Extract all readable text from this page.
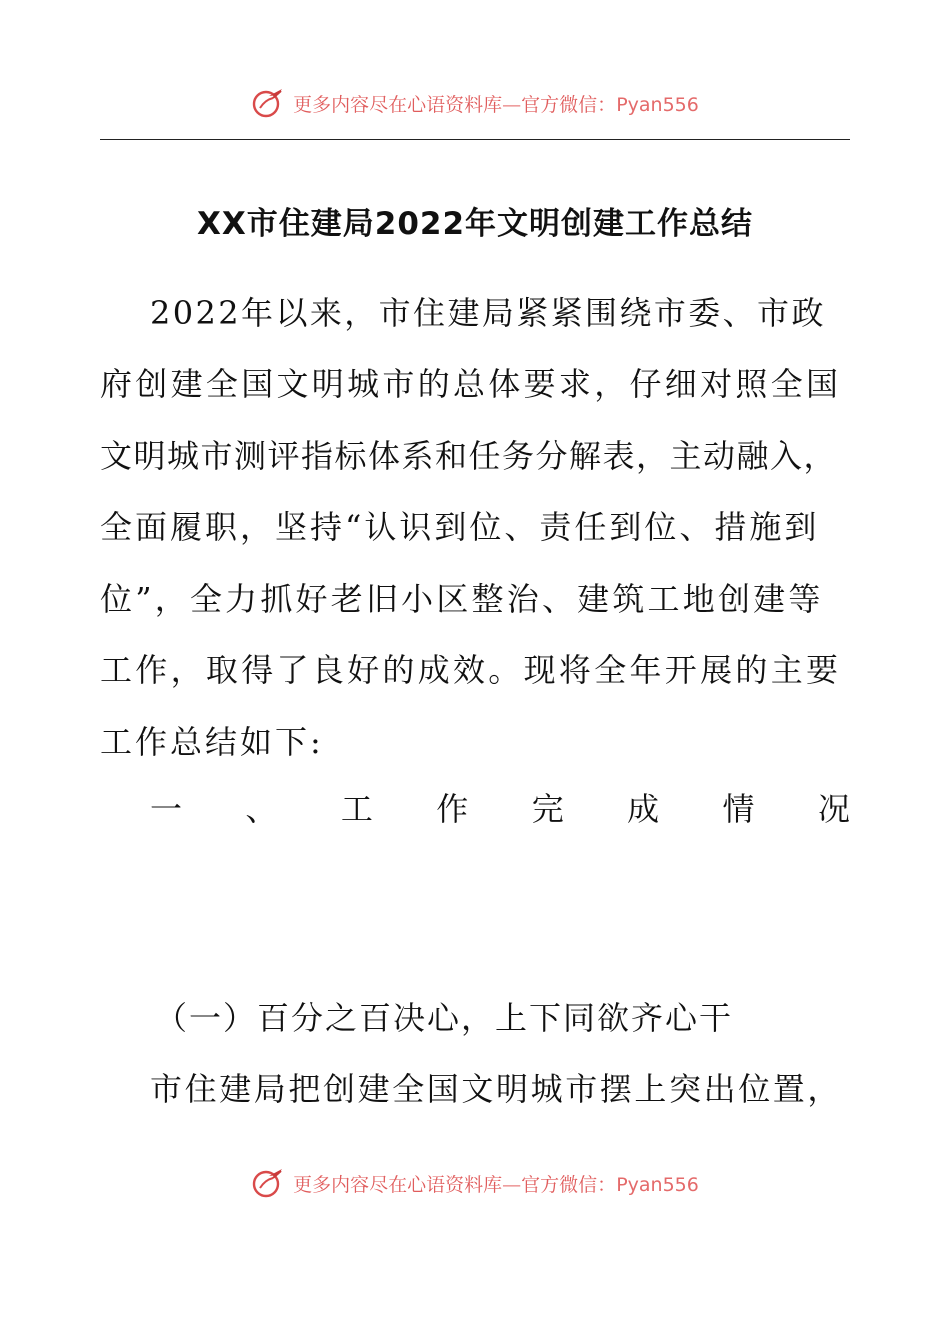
更多内容尽在心语资料库—官方微信：Pyan556
XX市住建局2022年文明创建工作总结
2022年以来，市住建局紧紧围绕市委、市政
府创建全国文明城市的总体要求，仔细对照全国
文明城市测评指标体系和任务分解表，主动融入，
全面履职，坚持“认识到位、责任到位、措施到
位”，全力抓好老旧小区整治、建筑工地创建等
工作，取得了良好的成效。现将全年开展的主要
工作总结如下:
一 、 工 作 完 成 情 况
（一）百分之百决心，上下同欲齐心干
市住建局把创建全国文明城市摆上突出位置，
更多内容尽在心语资料库—官方微信：Pyan556
